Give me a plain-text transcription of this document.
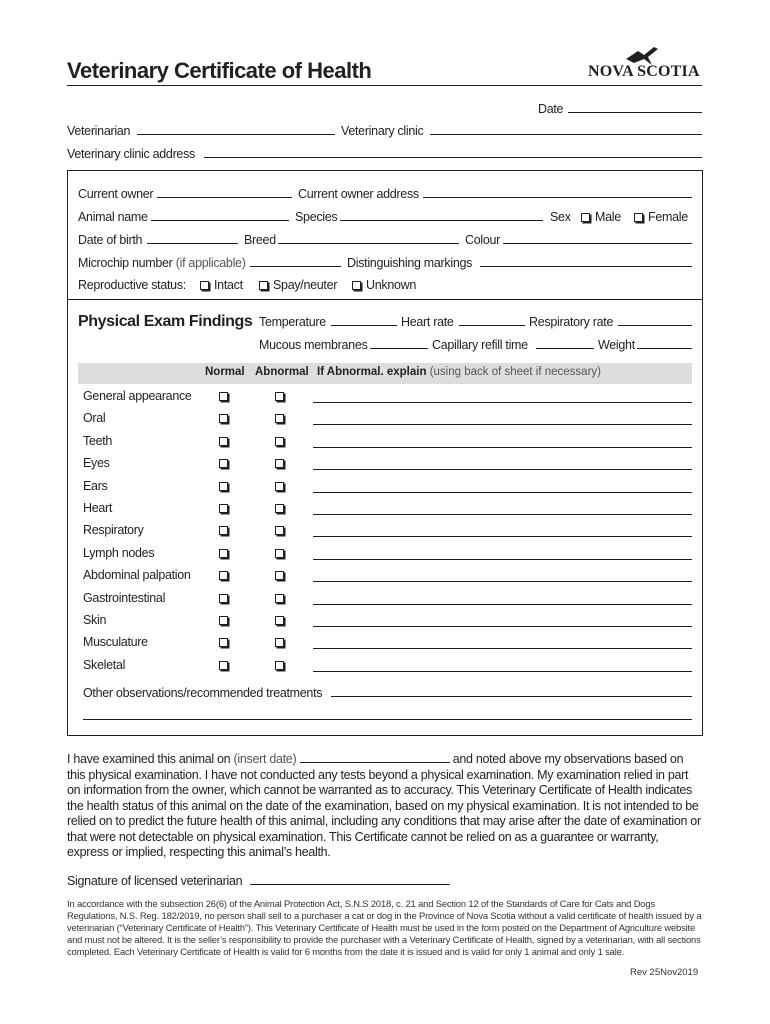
Veterinary Certificate of Health	NOVA SCOTIA
Date
Veterinarian	Veterinary clinic
Veterinary clinic address
Current owner	Current owner address
Animal name	Species	Sex	Male	Female
Date of birth	Breed	Colour
Microchip number (if applicable)	Distinguishing markings
Reproductive status:	Intact	Spay/neuter	Unknown
Physical Exam Findings Temperature	Heart rate	Respiratory rate
Mucous membranes	Capillary refill time	Weight
Normal Abnormal If Abnormal. explain (using back of sheet if necessary)
General appearance
Oral
Teeth
Eyes
Ears
Heart
Respiratory
Lymph nodes
Abdominal palpation
Gastrointestinal
Skin
Musculature
Skeletal
Other observations/recommended treatments
I have examined this animal on (insert date)	and noted above my observations based on this physical examination. I have not conducted any tests beyond a physical examination. My examination relied in part on information from the owner, which cannot be warranted as to accuracy. This Veterinary Certificate of Health indicates the health status of this animal on the date of the examination, based on my physical examination. It is not intended to be relied on to predict the future health of this animal, including any conditions that may arise after the date of examination or that were not detectable on physical examination. This Certificate cannot be relied on as a guarantee or warranty, express or implied, respecting this animal’s health.
Signature of licensed veterinarian
In accordance with the subsection 26(6) of the Animal Protection Act, S.N.S 2018, c. 21 and Section 12 of the Standards of Care for Cats and Dogs Regulations, N.S. Reg. 182/2019, no person shall sell to a purchaser a cat or dog in the Province of Nova Scotia without a valid certificate of health issued by a veterinarian (“Veterinary Certificate of Health”). This Veterinary Certificate of Health must be used in the form posted on the Department of Agriculture website and must not be altered. It is the seller’s responsibility to provide the purchaser with a Veterinary Certificate of Health, signed by a veterinarian, with all sections completed. Each Veterinary Certificate of Health is valid for 6 months from the date it is issued and is valid for only 1 animal and only 1 sale.
Rev 25Nov2019
